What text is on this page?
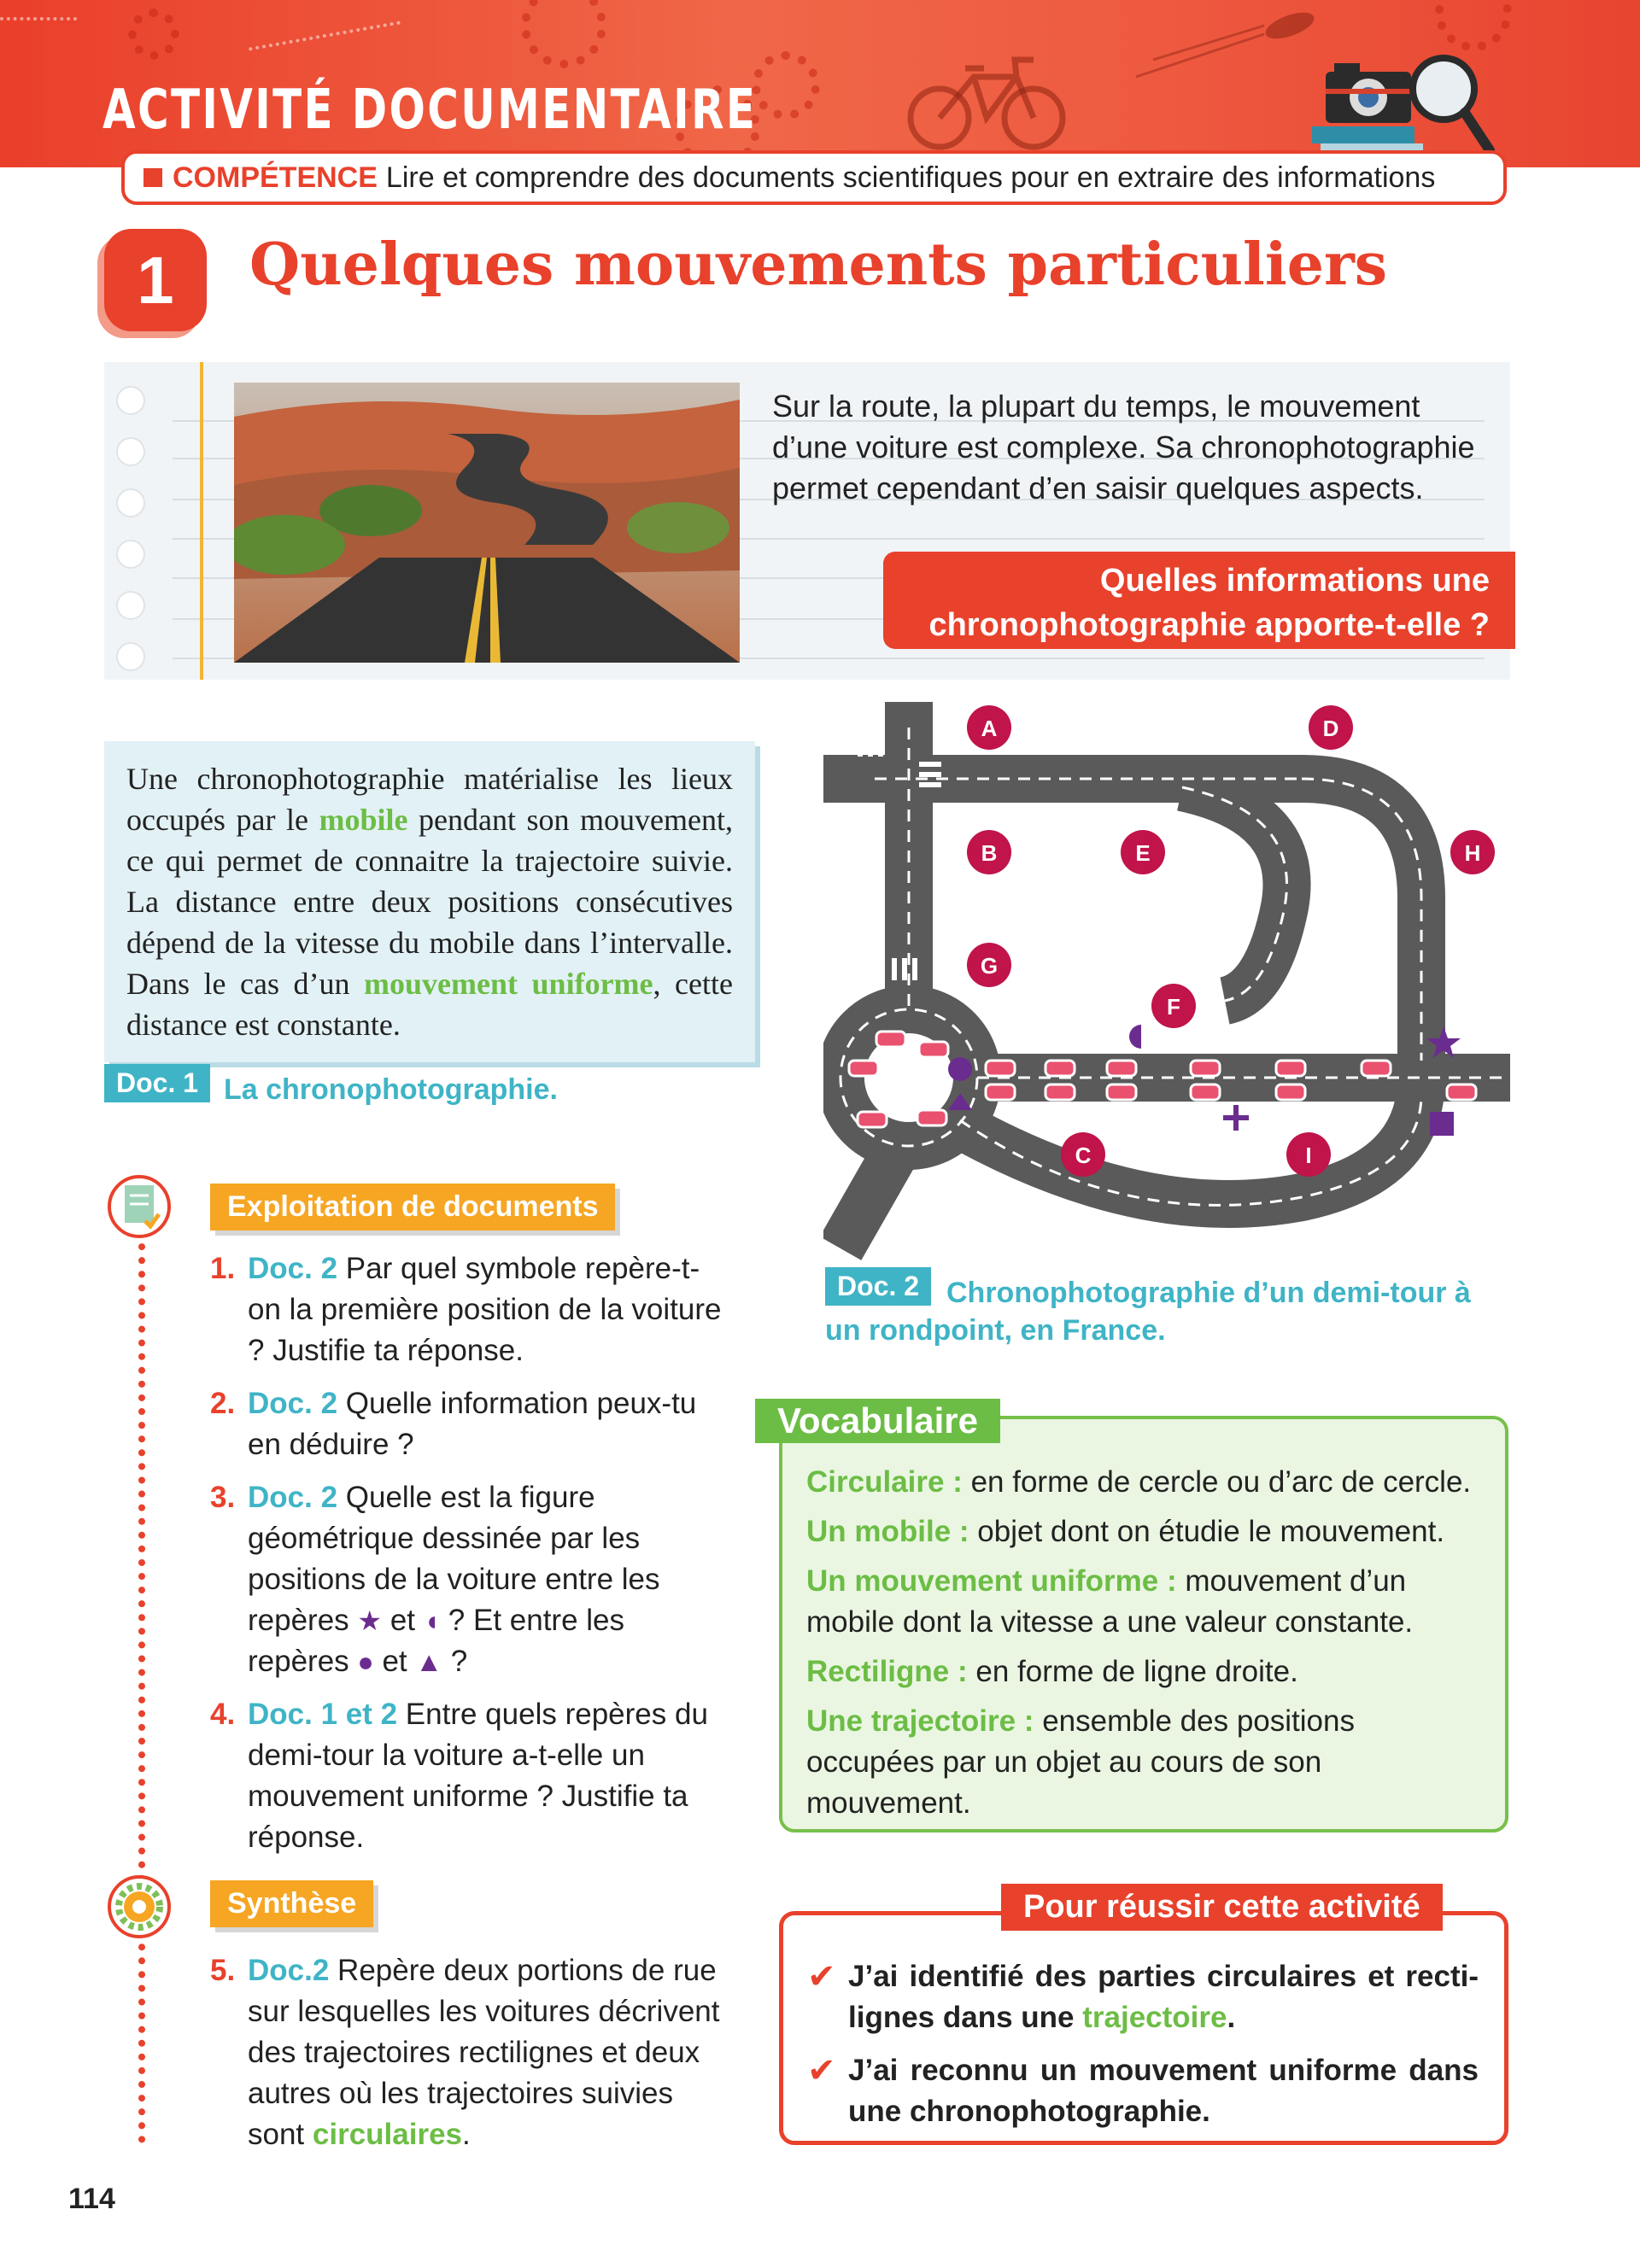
ACTIVITÉ DOCUMENTAIRE
COMPÉTENCE Lire et comprendre des documents scientifiques pour en extraire des informations
1	Quelques mouvements particuliers
Sur la route, la plupart du temps, le mouvement d’une voiture est complexe. Sa chronophotographie permet cependant d’en saisir quelques aspects.
Quelles informations une chronophotographie apporte-t-elle ?
Une chronophotographie matérialise les lieux occupés par le mobile pendant son mouvement, ce qui permet de connaitre la trajectoire suivie. La distance entre deux positions consécutives dépend de la vitesse du mobile dans l’intervalle. Dans le cas d’un mouvement uniforme, cette distance est constante.
Doc. 1 La chronophotographie.
A
B
C
D
E
F
G
H
I
Doc. 2 Chronophotographie d’un demi-tour à un rondpoint, en France.
Exploitation de documents
1. Doc. 2 Par quel symbole repère-t-on la première position de la voiture ? Justifie ta réponse.
2. Doc. 2 Quelle information peux-tu en déduire ?
3. Doc. 2 Quelle est la figure géométrique dessinée par les positions de la voiture entre les repères ★ et ◖ ? Et entre les repères ● et ▲ ?
4. Doc. 1 et 2 Entre quels repères du demi-tour la voiture a-t-elle un mouvement uniforme ? Justifie ta réponse.
Synthèse
5. Doc.2 Repère deux portions de rue sur lesquelles les voitures décrivent des trajectoires rectilignes et deux autres où les trajectoires suivies sont circulaires.
Circulaire : en forme de cercle ou d’arc de cercle.
Un mobile : objet dont on étudie le mouvement.
Un mouvement uniforme : mouvement d’un mobile dont la vitesse a une valeur constante.
Rectiligne : en forme de ligne droite.
Une trajectoire : ensemble des positions occupées par un objet au cours de son mouvement.
Vocabulaire
✔ J’ai identifié des parties circulaires et recti-lignes dans une trajectoire.
✔ J’ai reconnu un mouvement uniforme dans une chronophotographie.
Pour réussir cette activité
114
